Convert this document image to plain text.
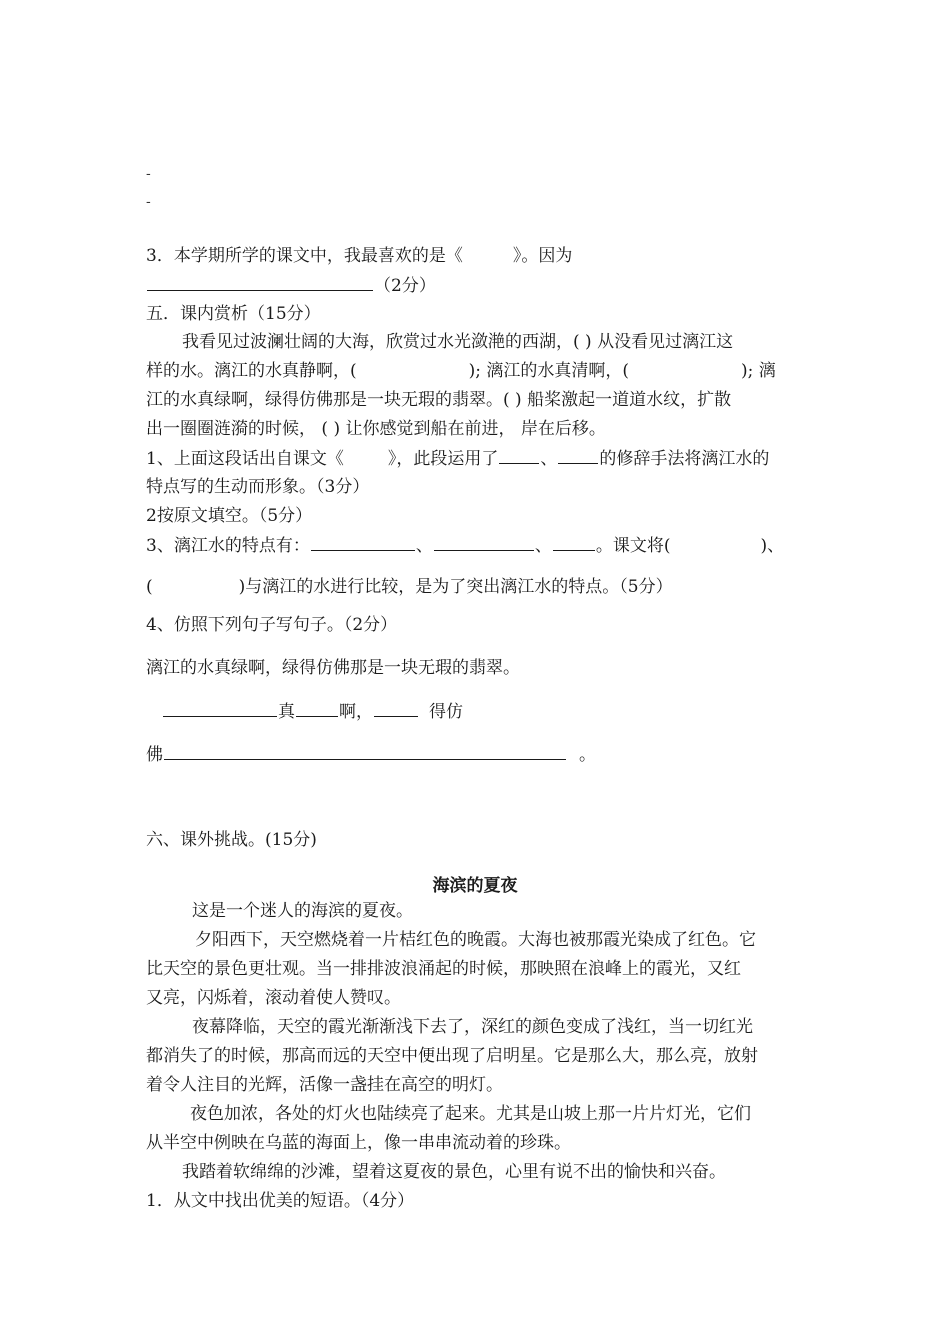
-
-
3．本学期所学的课文中，我最喜欢的是《	》。因为
（2分）
五．课内赏析（15分）
我看见过波澜壮阔的大海，欣赏过水光潋滟的西湖，( ) 从没看见过漓江这
样的水。漓江的水真静啊，(	); 漓江的水真清啊，(	); 漓
江的水真绿啊，绿得仿佛那是一块无瑕的翡翠。( ) 船桨激起一道道水纹，扩散
出一圈圈涟漪的时候， ( ) 让你感觉到船在前进， 岸在后移。
1、上面这段话出自课文《	》，此段运用了 、 的修辞手法将漓江水的
特点写的生动而形象。（3分）
2按原文填空。（5分）
3、漓江水的特点有：	、	、	。课文将(	)、
(	)与漓江的水进行比较，是为了突出漓江水的特点。（5分）
4、仿照下列句子写句子。（2分）
漓江的水真绿啊，绿得仿佛那是一块无瑕的翡翠。
真	啊，	得仿
佛	。
六、课外挑战。(15分)
海滨的夏夜
这是一个迷人的海滨的夏夜。
夕阳西下，天空燃烧着一片桔红色的晚霞。大海也被那霞光染成了红色。它
比天空的景色更壮观。当一排排波浪涌起的时候，那映照在浪峰上的霞光，又红
又亮，闪烁着，滚动着使人赞叹。
夜幕降临，天空的霞光渐渐浅下去了，深红的颜色变成了浅红，当一切红光
都消失了的时候，那高而远的天空中便出现了启明星。它是那么大，那么亮，放射
着令人注目的光辉，活像一盏挂在高空的明灯。
夜色加浓，各处的灯火也陆续亮了起来。尤其是山坡上那一片片灯光，它们
从半空中例映在乌蓝的海面上，像一串串流动着的珍珠。
我踏着软绵绵的沙滩，望着这夏夜的景色，心里有说不出的愉快和兴奋。
1．从文中找出优美的短语。（4分）
